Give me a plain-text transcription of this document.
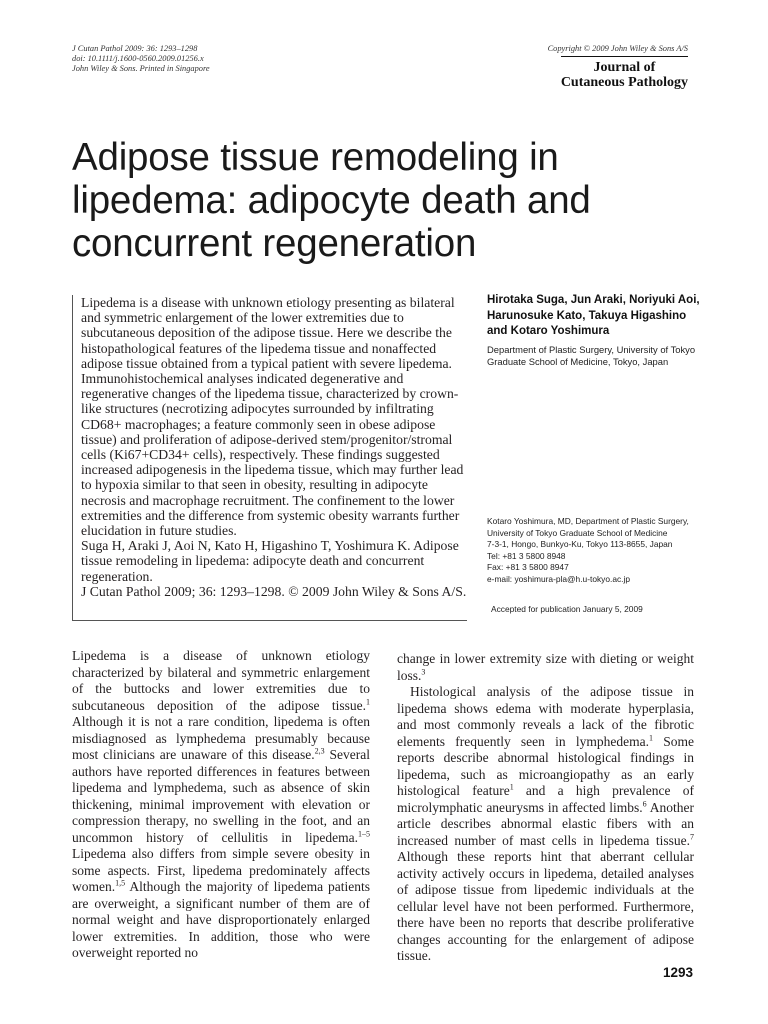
J Cutan Pathol 2009: 36: 1293–1298
doi: 10.1111/j.1600-0560.2009.01256.x
John Wiley & Sons. Printed in Singapore
Copyright © 2009 John Wiley & Sons A/S
Journal of
Cutaneous Pathology
Adipose tissue remodeling in lipedema: adipocyte death and concurrent regeneration

Lipedema is a disease with unknown etiology presenting as bilateral and symmetric enlargement of the lower extremities due to subcutaneous deposition of the adipose tissue. Here we describe the histopathological features of the lipedema tissue and nonaffected adipose tissue obtained from a typical patient with severe lipedema. Immunohistochemical analyses indicated degenerative and regenerative changes of the lipedema tissue, characterized by crown-like structures (necrotizing adipocytes surrounded by infiltrating CD68+ macrophages; a feature commonly seen in obese adipose tissue) and proliferation of adipose-derived stem/progenitor/stromal cells (Ki67+CD34+ cells), respectively. These findings suggested increased adipogenesis in the lipedema tissue, which may further lead to hypoxia similar to that seen in obesity, resulting in adipocyte necrosis and macrophage recruitment. The confinement to the lower extremities and the difference from systemic obesity warrants further elucidation in future studies.

Suga H, Araki J, Aoi N, Kato H, Higashino T, Yoshimura K. Adipose tissue remodeling in lipedema: adipocyte death and concurrent regeneration.

J Cutan Pathol 2009; 36: 1293–1298. © 2009 John Wiley & Sons A/S.

Hirotaka Suga, Jun Araki, Noriyuki Aoi, Harunosuke Kato, Takuya Higashino and Kotaro Yoshimura

Department of Plastic Surgery, University of Tokyo Graduate School of Medicine, Tokyo, Japan

Kotaro Yoshimura, MD, Department of Plastic Surgery,
University of Tokyo Graduate School of Medicine
7-3-1, Hongo, Bunkyo-Ku, Tokyo 113-8655, Japan
Tel: +81 3 5800 8948
Fax: +81 3 5800 8947
e-mail: yoshimura-pla@h.u-tokyo.ac.jp
Accepted for publication January 5, 2009

Lipedema is a disease of unknown etiology characterized by bilateral and symmetric enlargement of the buttocks and lower extremities due to subcutaneous deposition of the adipose tissue.$^1$ Although it is not a rare condition, lipedema is often misdiagnosed as lymphedema presumably because most clinicians are unaware of this disease.$^{2,3}$ Several authors have reported differences in features between lipedema and lymphedema, such as absence of skin thickening, minimal improvement with elevation or compression therapy, no swelling in the foot, and an uncommon history of cellulitis in lipedema.$^{1-5}$ Lipedema also differs from simple severe obesity in some aspects. First, lipedema predominately affects women.$^{1,5}$ Although the majority of lipedema patients are overweight, a significant number of them are of normal weight and have disproportionately enlarged lower extremities. In addition, those who were overweight reported no

change in lower extremity size with dieting or weight loss.$^3$

Histological analysis of the adipose tissue in lipedema shows edema with moderate hyperplasia, and most commonly reveals a lack of the fibrotic elements frequently seen in lymphedema.$^1$ Some reports describe abnormal histological findings in lipedema, such as microangiopathy as an early histological feature$^1$ and a high prevalence of microlymphatic aneurysms in affected limbs.$^6$ Another article describes abnormal elastic fibers with an increased number of mast cells in lipedema tissue.$^7$ Although these reports hint that aberrant cellular activity actively occurs in lipedema, detailed analyses of adipose tissue from lipedemic individuals at the cellular level have not been performed. Furthermore, there have been no reports that describe proliferative changes accounting for the enlargement of adipose tissue.

1293
